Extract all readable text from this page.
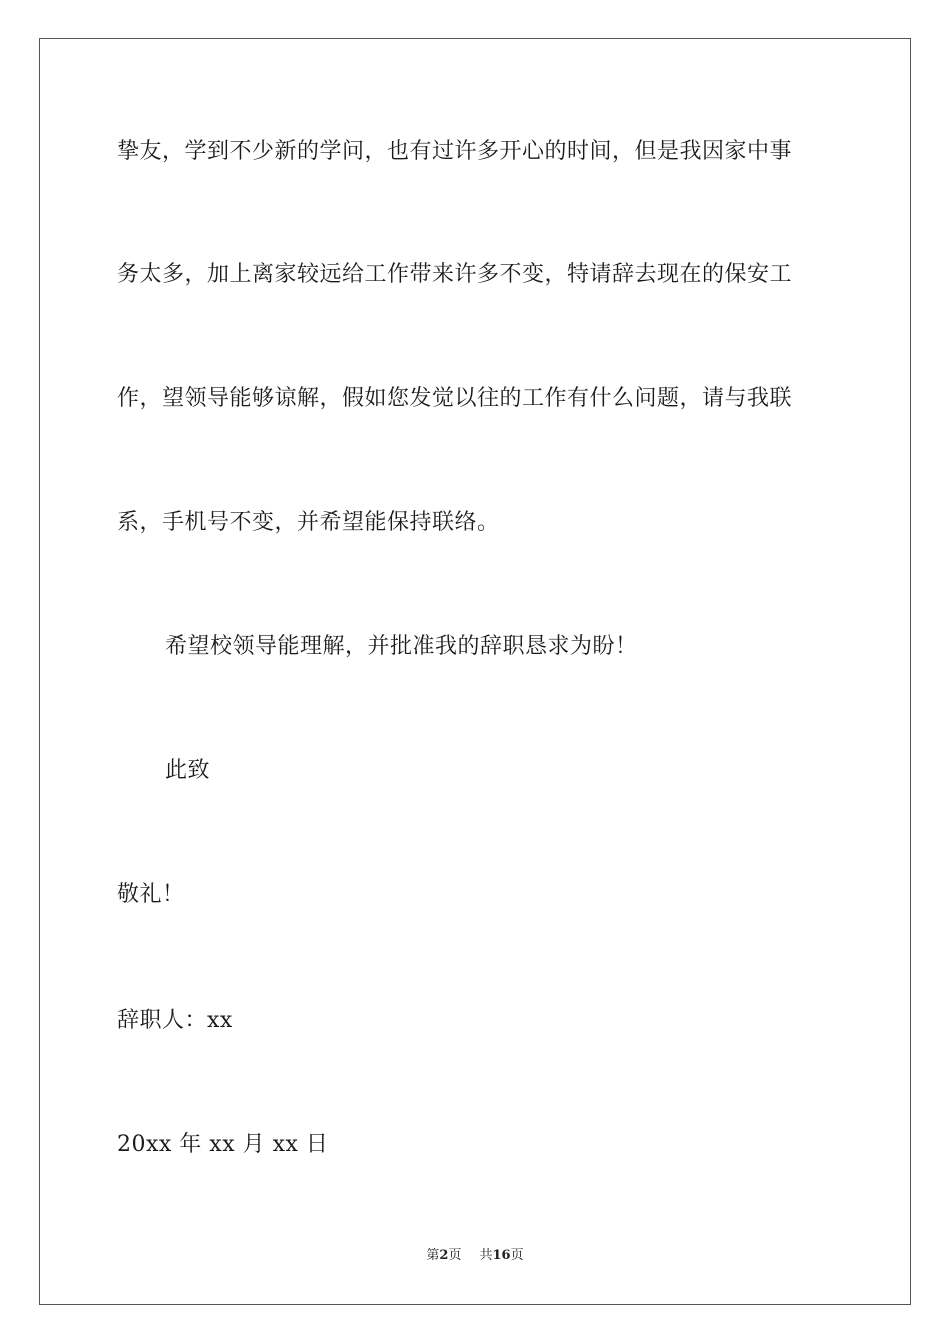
挚友，学到不少新的学问，也有过许多开心的时间，但是我因家中事
务太多，加上离家较远给工作带来许多不变，特请辞去现在的保安工
作，望领导能够谅解，假如您发觉以往的工作有什么问题，请与我联
系，手机号不变，并希望能保持联络。
希望校领导能理解，并批准我的辞职恳求为盼！
此致
敬礼！
辞职人：xx
20xx 年 xx 月 xx 日
第2页 共16页
